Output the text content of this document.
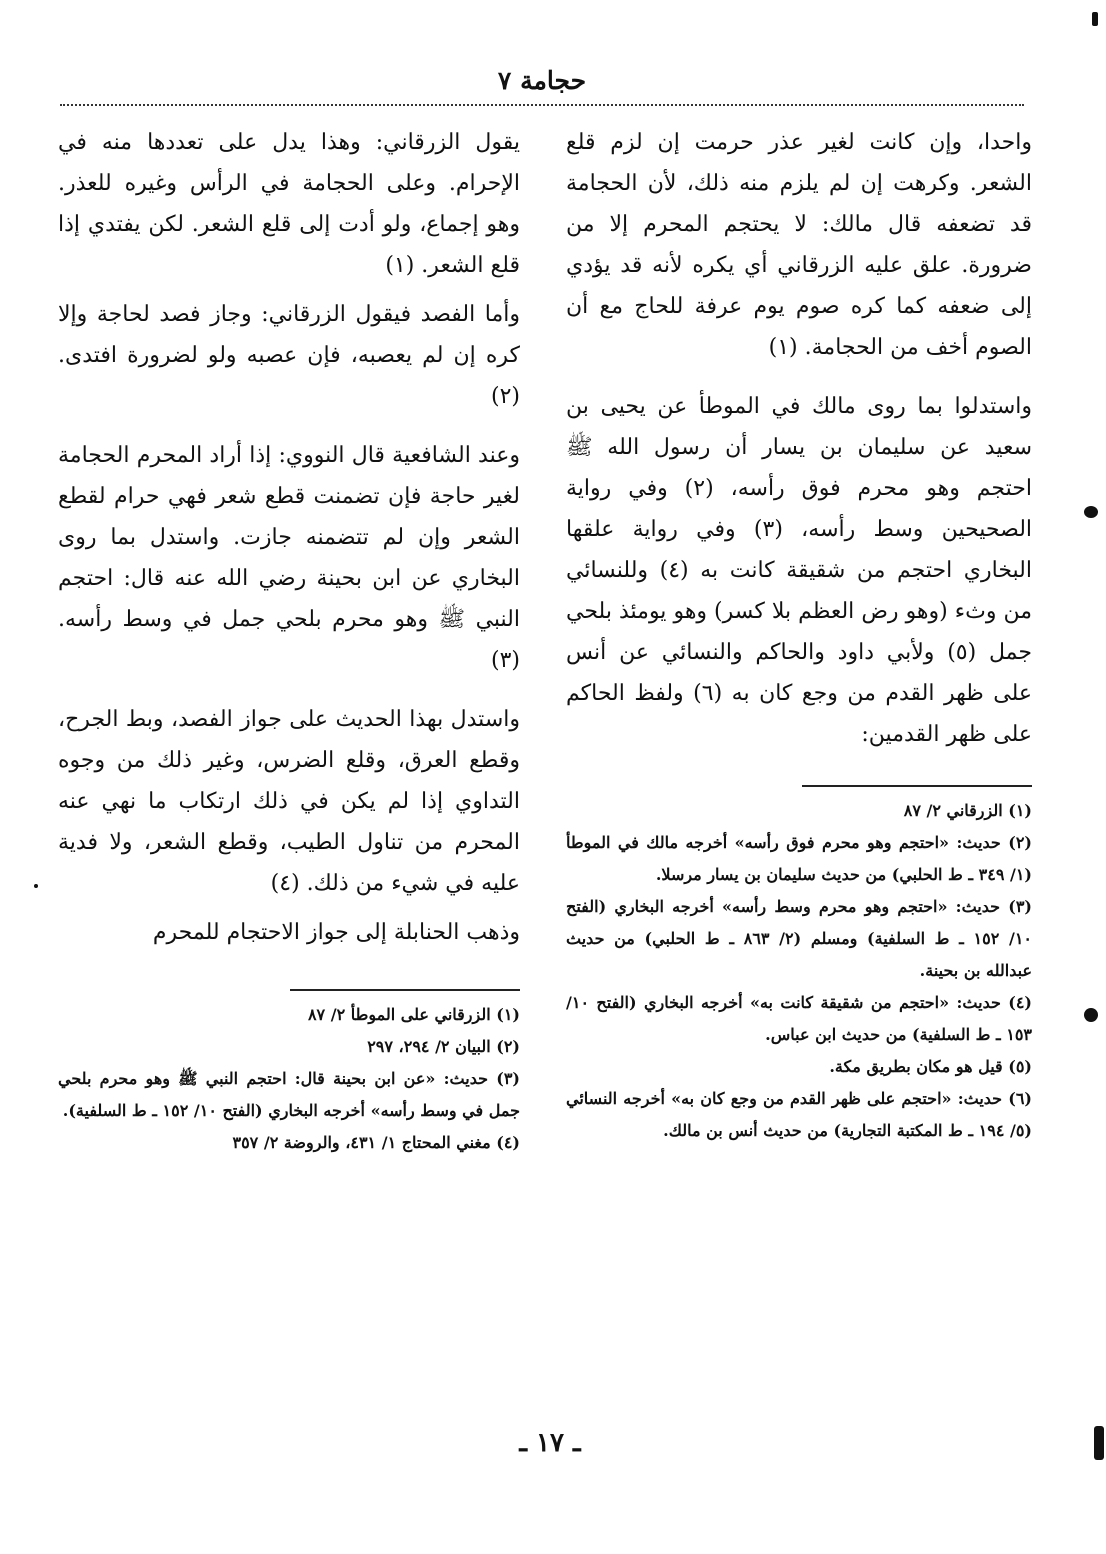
حجامة ٧

واحدا، وإن كانت لغير عذر حرمت إن لزم قلع الشعر. وكرهت إن لم يلزم منه ذلك، لأن الحجامة قد تضعفه قال مالك: لا يحتجم المحرم إلا من ضرورة. علق عليه الزرقاني أي يكره لأنه قد يؤدي إلى ضعفه كما كره صوم يوم عرفة للحاج مع أن الصوم أخف من الحجامة. (١)

واستدلوا بما روى مالك في الموطأ عن يحيى بن سعيد عن سليمان بن يسار أن رسول الله ﷺ احتجم وهو محرم فوق رأسه، (٢) وفي رواية الصحيحين وسط رأسه، (٣) وفي رواية علقها البخاري احتجم من شقيقة كانت به (٤) وللنسائي من وثء (وهو رض العظم بلا كسر) وهو يومئذ بلحي جمل (٥) ولأبي داود والحاكم والنسائي عن أنس على ظهر القدم من وجع كان به (٦) ولفظ الحاكم على ظهر القدمين:

(١) الزرقاني ٢/ ٨٧

(٢) حديث: «احتجم وهو محرم فوق رأسه» أخرجه مالك في الموطأ (١/ ٣٤٩ ـ ط الحلبي) من حديث سليمان بن يسار مرسلا.

(٣) حديث: «احتجم وهو محرم وسط رأسه» أخرجه البخاري (الفتح ١٠/ ١٥٢ ـ ط السلفية) ومسلم (٢/ ٨٦٣ ـ ط الحلبي) من حديث عبدالله بن بحينة.

(٤) حديث: «احتجم من شقيقة كانت به» أخرجه البخاري (الفتح ١٠/ ١٥٣ ـ ط السلفية) من حديث ابن عباس.

(٥) قيل هو مكان بطريق مكة.

(٦) حديث: «احتجم على ظهر القدم من وجع كان به» أخرجه النسائي (٥/ ١٩٤ ـ ط المكتبة التجارية) من حديث أنس بن مالك.

يقول الزرقاني: وهذا يدل على تعددها منه في الإحرام. وعلى الحجامة في الرأس وغيره للعذر. وهو إجماع، ولو أدت إلى قلع الشعر. لكن يفتدي إذا قلع الشعر. (١)

وأما الفصد فيقول الزرقاني: وجاز فصد لحاجة وإلا كره إن لم يعصبه، فإن عصبه ولو لضرورة افتدى. (٢)

وعند الشافعية قال النووي: إذا أراد المحرم الحجامة لغير حاجة فإن تضمنت قطع شعر فهي حرام لقطع الشعر وإن لم تتضمنه جازت. واستدل بما روى البخاري عن ابن بحينة رضي الله عنه قال: احتجم النبي ﷺ وهو محرم بلحي جمل في وسط رأسه. (٣)

واستدل بهذا الحديث على جواز الفصد، وبط الجرح، وقطع العرق، وقلع الضرس، وغير ذلك من وجوه التداوي إذا لم يكن في ذلك ارتكاب ما نهي عنه المحرم من تناول الطيب، وقطع الشعر، ولا فدية عليه في شيء من ذلك. (٤)

وذهب الحنابلة إلى جواز الاحتجام للمحرم

(١) الزرقاني على الموطأ ٢/ ٨٧

(٢) البيان ٢/ ٢٩٤، ٢٩٧

(٣) حديث: «عن ابن بحينة قال: احتجم النبي ﷺ وهو محرم بلحي جمل في وسط رأسه» أخرجه البخاري (الفتح ١٠/ ١٥٢ ـ ط السلفية).

(٤) مغني المحتاج ١/ ٤٣١، والروضة ٢/ ٣٥٧

ـ ١٧ ـ
